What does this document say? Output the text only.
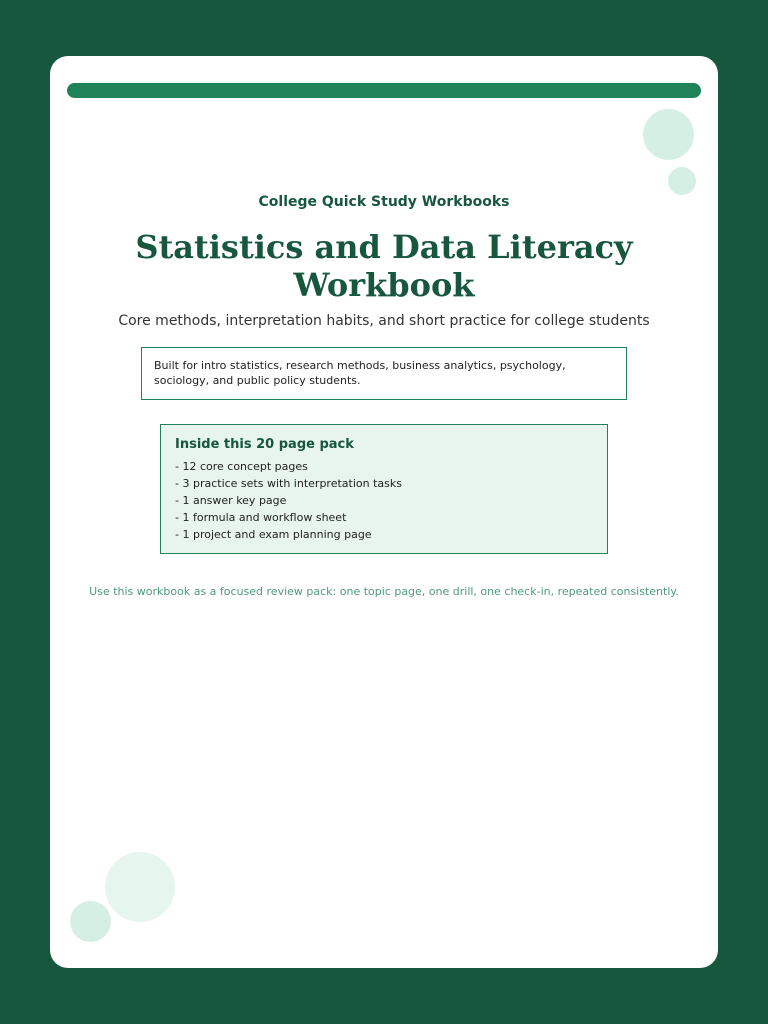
College Quick Study Workbooks
Statistics and Data Literacy Workbook
Core methods, interpretation habits, and short practice for college students
Built for intro statistics, research methods, business analytics, psychology, sociology, and public policy students.
Inside this 20 page pack
- 12 core concept pages
- 3 practice sets with interpretation tasks
- 1 answer key page
- 1 formula and workflow sheet
- 1 project and exam planning page
Use this workbook as a focused review pack: one topic page, one drill, one check-in, repeated consistently.
